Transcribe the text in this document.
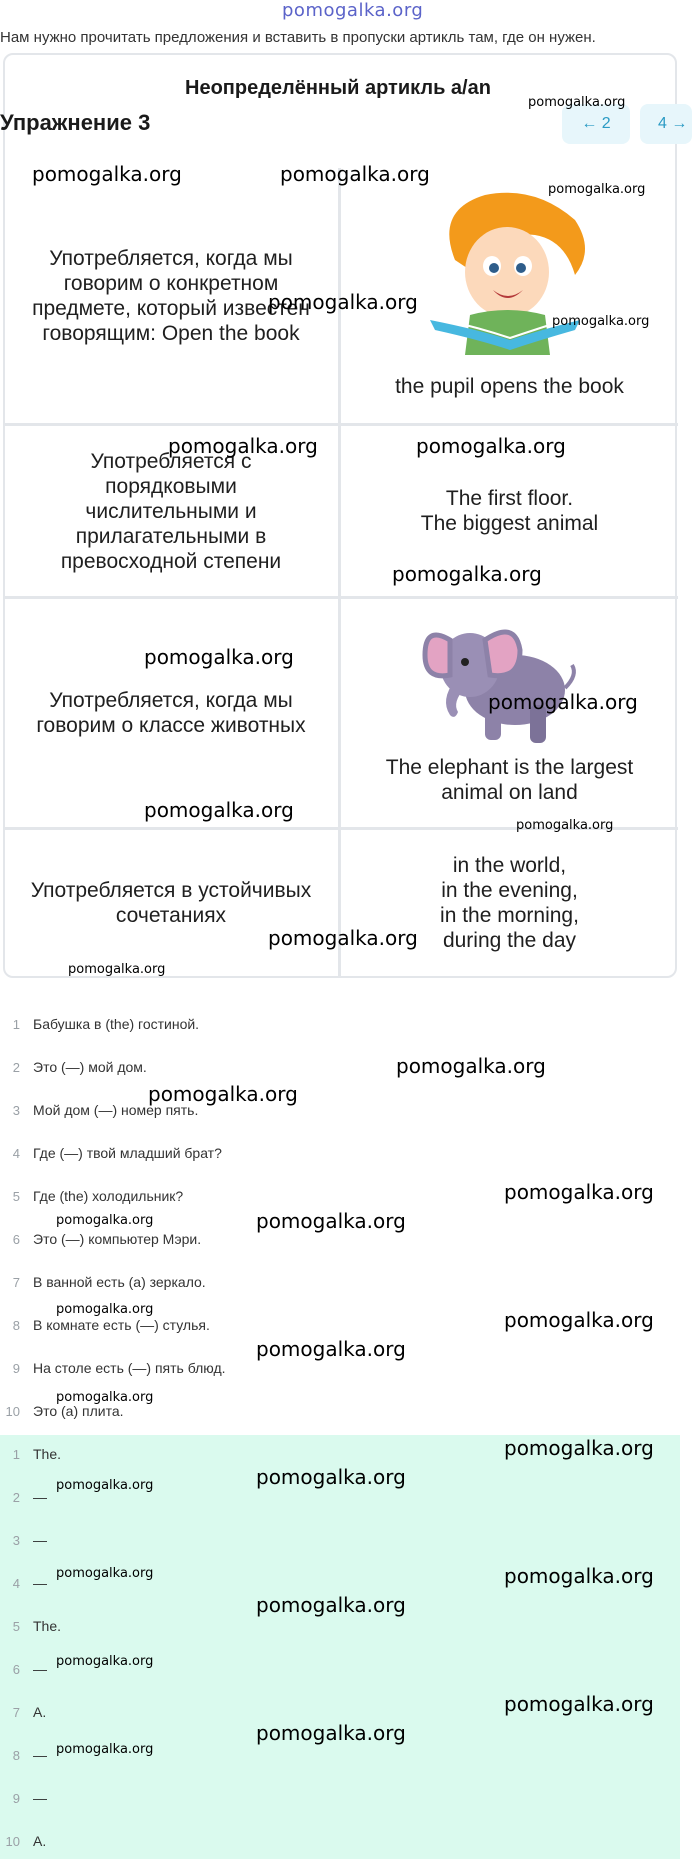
pomogalka.org
Нам нужно прочитать предложения и вставить в пропуски артикль там, где он нужен.
Неопределённый артикль a/an
Упражнение 3	← 2	4 →
Употребляется, когда мы говорим о конкретном предмете, который известен говорящим: Open the book
the pupil opens the book
Употребляется с порядковыми числительными и прилагательными в превосходной степени
The first floor.
The biggest animal
Употребляется, когда мы говорим о классе животных
The elephant is the largest animal on land
Употребляется в устойчивых сочетаниях
in the world,
in the evening,
in the morning,
during the day
pomogalka.org
pomogalka.org	pomogalka.org
pomogalka.org
pomogalka.org
pomogalka.org
pomogalka.org	pomogalka.org
pomogalka.org
pomogalka.org
pomogalka.org
pomogalka.org
pomogalka.org
pomogalka.org
pomogalka.org
1 Бабушка в (the) гостиной.
2 Это (—) мой дом.
3 Мой дом (—) номер пять.
4 Где (—) твой младший брат?
5 Где (the) холодильник?
6 Это (—) компьютер Мэри.
7 В ванной есть (a) зеркало.
8 В комнате есть (—) стулья.
9 На столе есть (—) пять блюд.
10 Это (a) плита.
1 The.
2 —
3 —
4 —
5 The.
6 —
7 A.
8 —
9 —
10 A.
pomogalka.org
pomogalka.org
pomogalka.org
pomogalka.org	pomogalka.org
pomogalka.org	pomogalka.org
pomogalka.org
pomogalka.org
pomogalka.org
pomogalka.org	pomogalka.org
pomogalka.org
pomogalka.org
pomogalka.org
pomogalka.org
pomogalka.org
pomogalka.org
pomogalka.org
